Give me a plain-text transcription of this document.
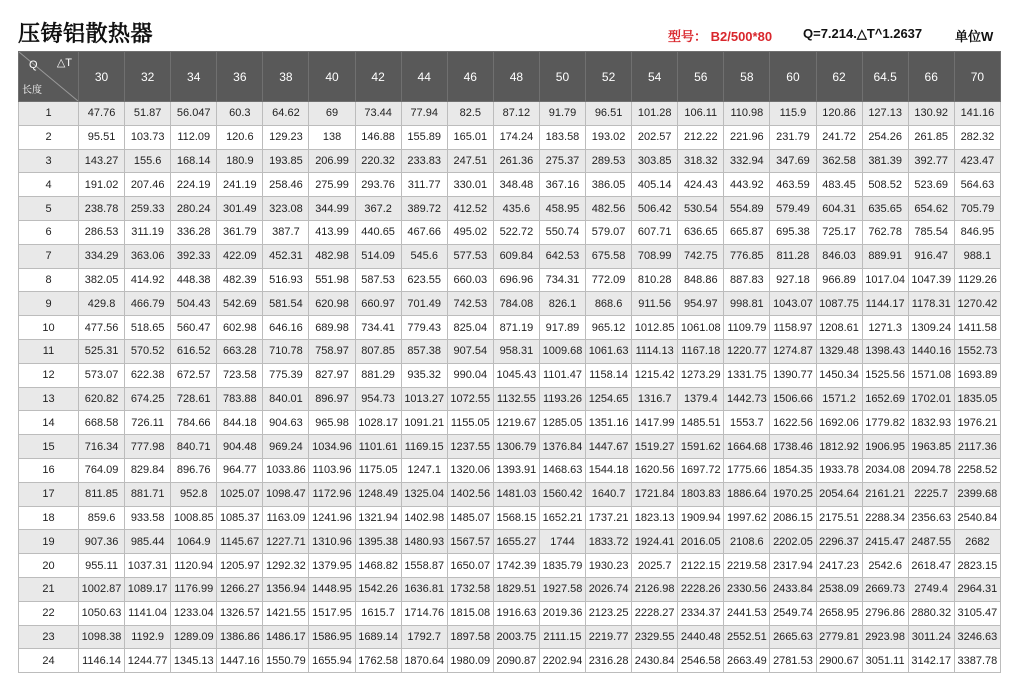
压铸铝散热器	型号： B2/500*80 Q=7.214.△T^1.2637	单位W
Q △T
长度	30	32	34	36	38	40	42	44	46	48	50	52	54	56	58	60	62	64.5	66	70
1	47.76	51.87	56.047	60.3	64.62	69	73.44	77.94	82.5	87.12	91.79	96.51	101.28	106.11	110.98	115.9	120.86	127.13	130.92	141.16
2	95.51	103.73	112.09	120.6	129.23	138	146.88	155.89	165.01	174.24	183.58	193.02	202.57	212.22	221.96	231.79	241.72	254.26	261.85	282.32
3	143.27	155.6	168.14	180.9	193.85	206.99	220.32	233.83	247.51	261.36	275.37	289.53	303.85	318.32	332.94	347.69	362.58	381.39	392.77	423.47
4	191.02	207.46	224.19	241.19	258.46	275.99	293.76	311.77	330.01	348.48	367.16	386.05	405.14	424.43	443.92	463.59	483.45	508.52	523.69	564.63
5	238.78	259.33	280.24	301.49	323.08	344.99	367.2	389.72	412.52	435.6	458.95	482.56	506.42	530.54	554.89	579.49	604.31	635.65	654.62	705.79
6	286.53	311.19	336.28	361.79	387.7	413.99	440.65	467.66	495.02	522.72	550.74	579.07	607.71	636.65	665.87	695.38	725.17	762.78	785.54	846.95
7	334.29	363.06	392.33	422.09	452.31	482.98	514.09	545.6	577.53	609.84	642.53	675.58	708.99	742.75	776.85	811.28	846.03	889.91	916.47	988.1
8	382.05	414.92	448.38	482.39	516.93	551.98	587.53	623.55	660.03	696.96	734.31	772.09	810.28	848.86	887.83	927.18	966.89	1017.04	1047.39	1129.26
9	429.8	466.79	504.43	542.69	581.54	620.98	660.97	701.49	742.53	784.08	826.1	868.6	911.56	954.97	998.81	1043.07	1087.75	1144.17	1178.31	1270.42
10	477.56	518.65	560.47	602.98	646.16	689.98	734.41	779.43	825.04	871.19	917.89	965.12	1012.85	1061.08	1109.79	1158.97	1208.61	1271.3	1309.24	1411.58
11	525.31	570.52	616.52	663.28	710.78	758.97	807.85	857.38	907.54	958.31	1009.68	1061.63	1114.13	1167.18	1220.77	1274.87	1329.48	1398.43	1440.16	1552.73
12	573.07	622.38	672.57	723.58	775.39	827.97	881.29	935.32	990.04	1045.43	1101.47	1158.14	1215.42	1273.29	1331.75	1390.77	1450.34	1525.56	1571.08	1693.89
13	620.82	674.25	728.61	783.88	840.01	896.97	954.73	1013.27	1072.55	1132.55	1193.26	1254.65	1316.7	1379.4	1442.73	1506.66	1571.2	1652.69	1702.01	1835.05
14	668.58	726.11	784.66	844.18	904.63	965.98	1028.17	1091.21	1155.05	1219.67	1285.05	1351.16	1417.99	1485.51	1553.7	1622.56	1692.06	1779.82	1832.93	1976.21
15	716.34	777.98	840.71	904.48	969.24	1034.96	1101.61	1169.15	1237.55	1306.79	1376.84	1447.67	1519.27	1591.62	1664.68	1738.46	1812.92	1906.95	1963.85	2117.36
16	764.09	829.84	896.76	964.77	1033.86	1103.96	1175.05	1247.1	1320.06	1393.91	1468.63	1544.18	1620.56	1697.72	1775.66	1854.35	1933.78	2034.08	2094.78	2258.52
17	811.85	881.71	952.8	1025.07	1098.47	1172.96	1248.49	1325.04	1402.56	1481.03	1560.42	1640.7	1721.84	1803.83	1886.64	1970.25	2054.64	2161.21	2225.7	2399.68
18	859.6	933.58	1008.85	1085.37	1163.09	1241.96	1321.94	1402.98	1485.07	1568.15	1652.21	1737.21	1823.13	1909.94	1997.62	2086.15	2175.51	2288.34	2356.63	2540.84
19	907.36	985.44	1064.9	1145.67	1227.71	1310.96	1395.38	1480.93	1567.57	1655.27	1744	1833.72	1924.41	2016.05	2108.6	2202.05	2296.37	2415.47	2487.55	2682
20	955.11	1037.31	1120.94	1205.97	1292.32	1379.95	1468.82	1558.87	1650.07	1742.39	1835.79	1930.23	2025.7	2122.15	2219.58	2317.94	2417.23	2542.6	2618.47	2823.15
21	1002.87	1089.17	1176.99	1266.27	1356.94	1448.95	1542.26	1636.81	1732.58	1829.51	1927.58	2026.74	2126.98	2228.26	2330.56	2433.84	2538.09	2669.73	2749.4	2964.31
22	1050.63	1141.04	1233.04	1326.57	1421.55	1517.95	1615.7	1714.76	1815.08	1916.63	2019.36	2123.25	2228.27	2334.37	2441.53	2549.74	2658.95	2796.86	2880.32	3105.47
23	1098.38	1192.9	1289.09	1386.86	1486.17	1586.95	1689.14	1792.7	1897.58	2003.75	2111.15	2219.77	2329.55	2440.48	2552.51	2665.63	2779.81	2923.98	3011.24	3246.63
24	1146.14	1244.77	1345.13	1447.16	1550.79	1655.94	1762.58	1870.64	1980.09	2090.87	2202.94	2316.28	2430.84	2546.58	2663.49	2781.53	2900.67	3051.11	3142.17	3387.78
